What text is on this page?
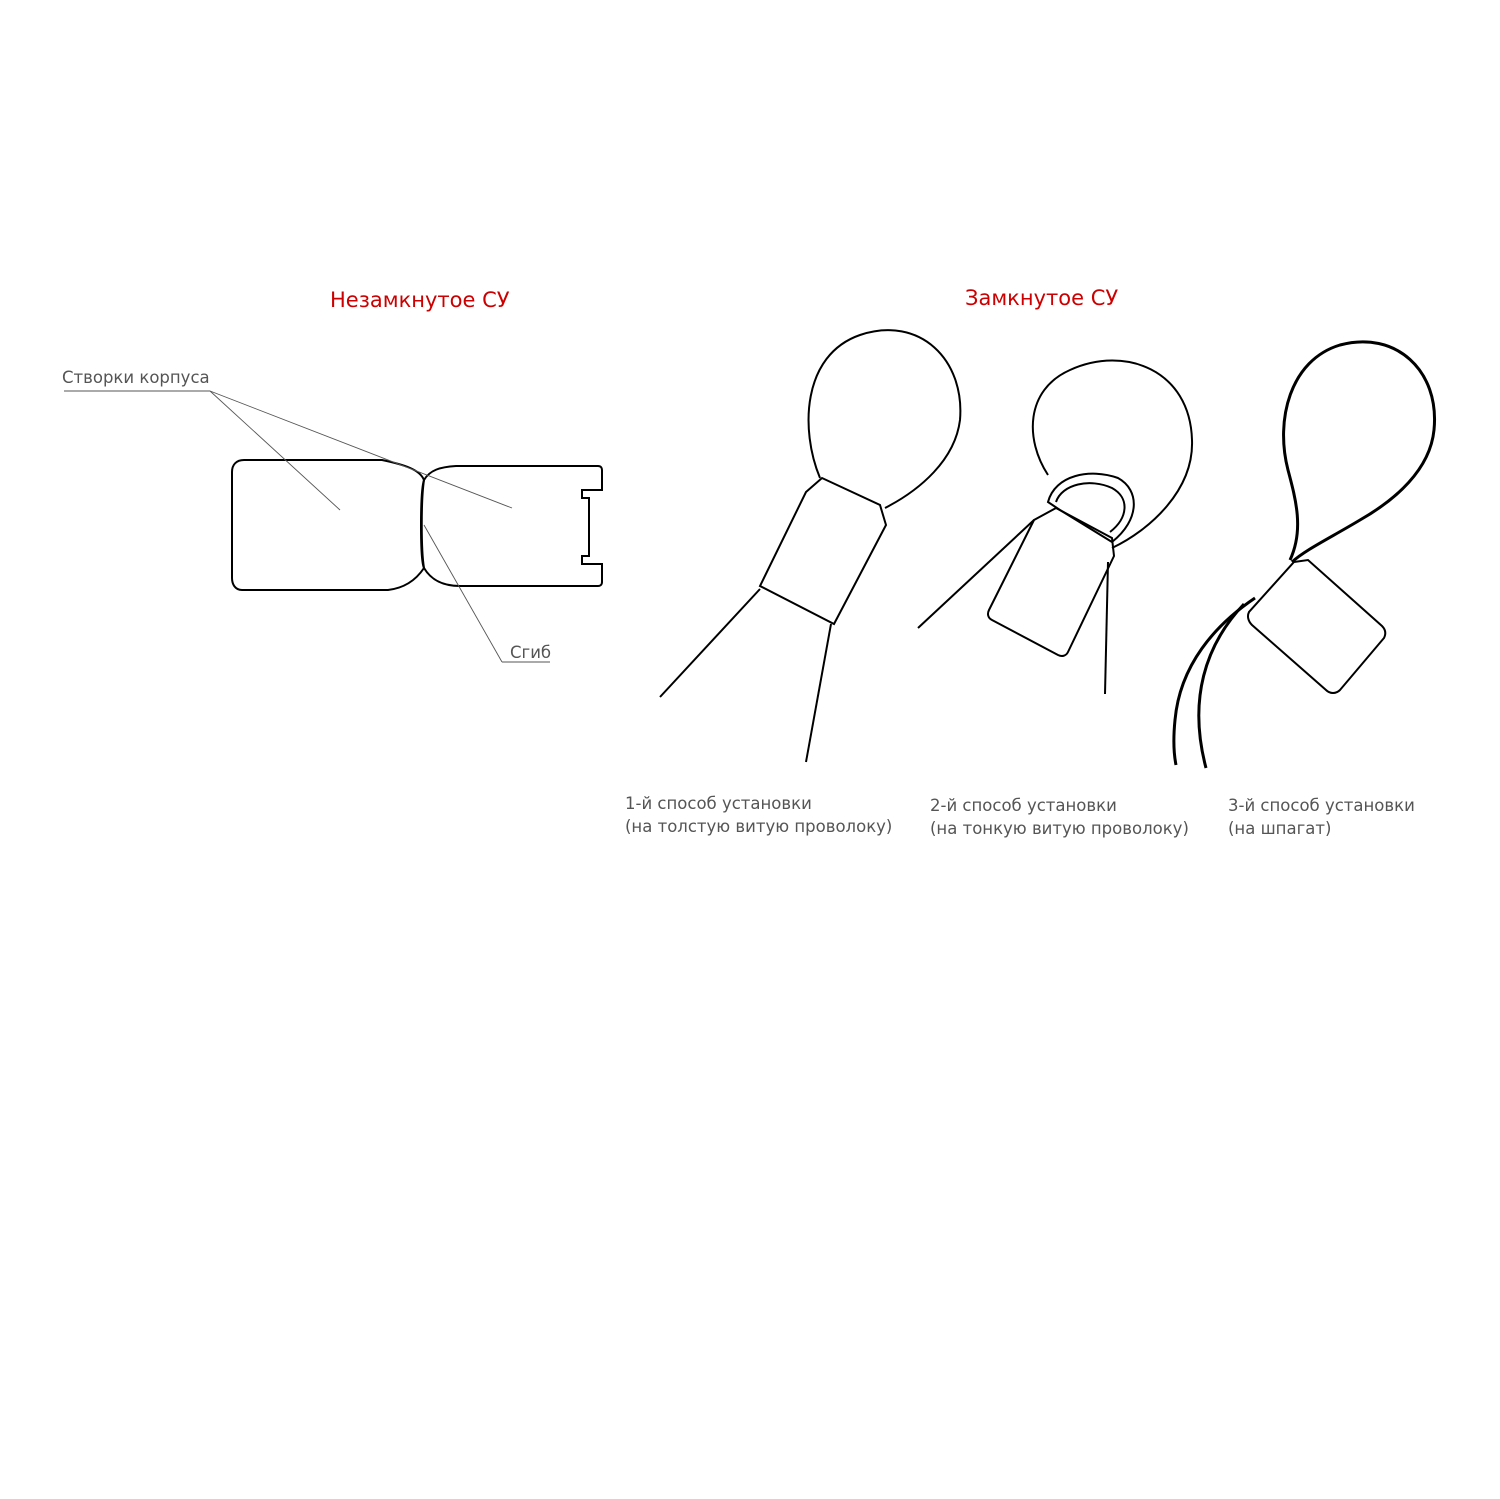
Незамкнутое СУ	Замкнутое СУ
Створки корпуса
Сгиб
1-й способ установки
(на толстую витую проволоку)
2-й способ установки
(на тонкую витую проволоку)
3-й способ установки
(на шпагат)
